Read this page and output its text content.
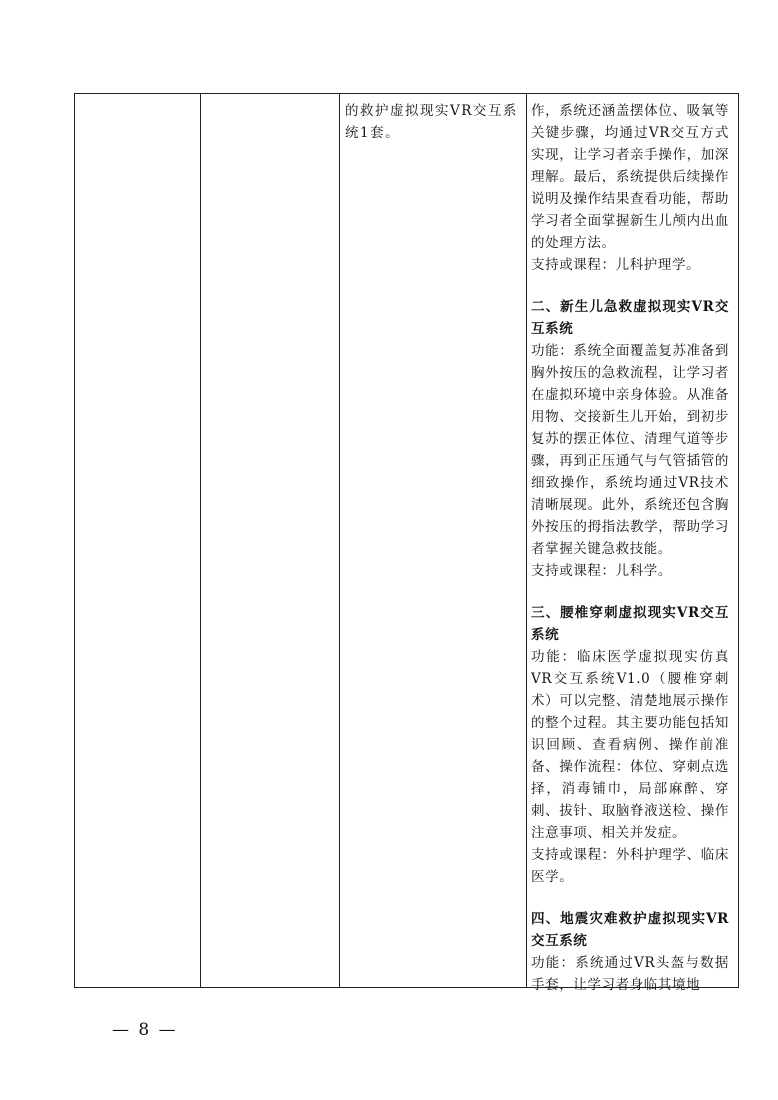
的救护虚拟现实VR交互系统1套。

作，系统还涵盖摆体位、吸氧等关键步骤，均通过VR交互方式实现，让学习者亲手操作，加深理解。最后，系统提供后续操作说明及操作结果查看功能，帮助学习者全面掌握新生儿颅内出血的处理方法。

支持或课程：儿科护理学。

二、新生儿急救虚拟现实VR交互系统

功能：系统全面覆盖复苏准备到胸外按压的急救流程，让学习者在虚拟环境中亲身体验。从准备用物、交接新生儿开始，到初步复苏的摆正体位、清理气道等步骤，再到正压通气与气管插管的细致操作，系统均通过VR技术清晰展现。此外，系统还包含胸外按压的拇指法教学，帮助学习者掌握关键急救技能。

支持或课程：儿科学。

三、腰椎穿刺虚拟现实VR交互系统

功能：临床医学虚拟现实仿真VR交互系统V1.0（腰椎穿刺术）可以完整、清楚地展示操作的整个过程。其主要功能包括知识回顾、查看病例、操作前准备、操作流程：体位、穿刺点选择，消毒铺巾，局部麻醉、穿刺、拔针、取脑脊液送检、操作注意事项、相关并发症。

支持或课程：外科护理学、临床医学。

四、地震灾难救护虚拟现实VR交互系统

功能：系统通过VR头盔与数据手套，让学习者身临其境地

— 8 —
